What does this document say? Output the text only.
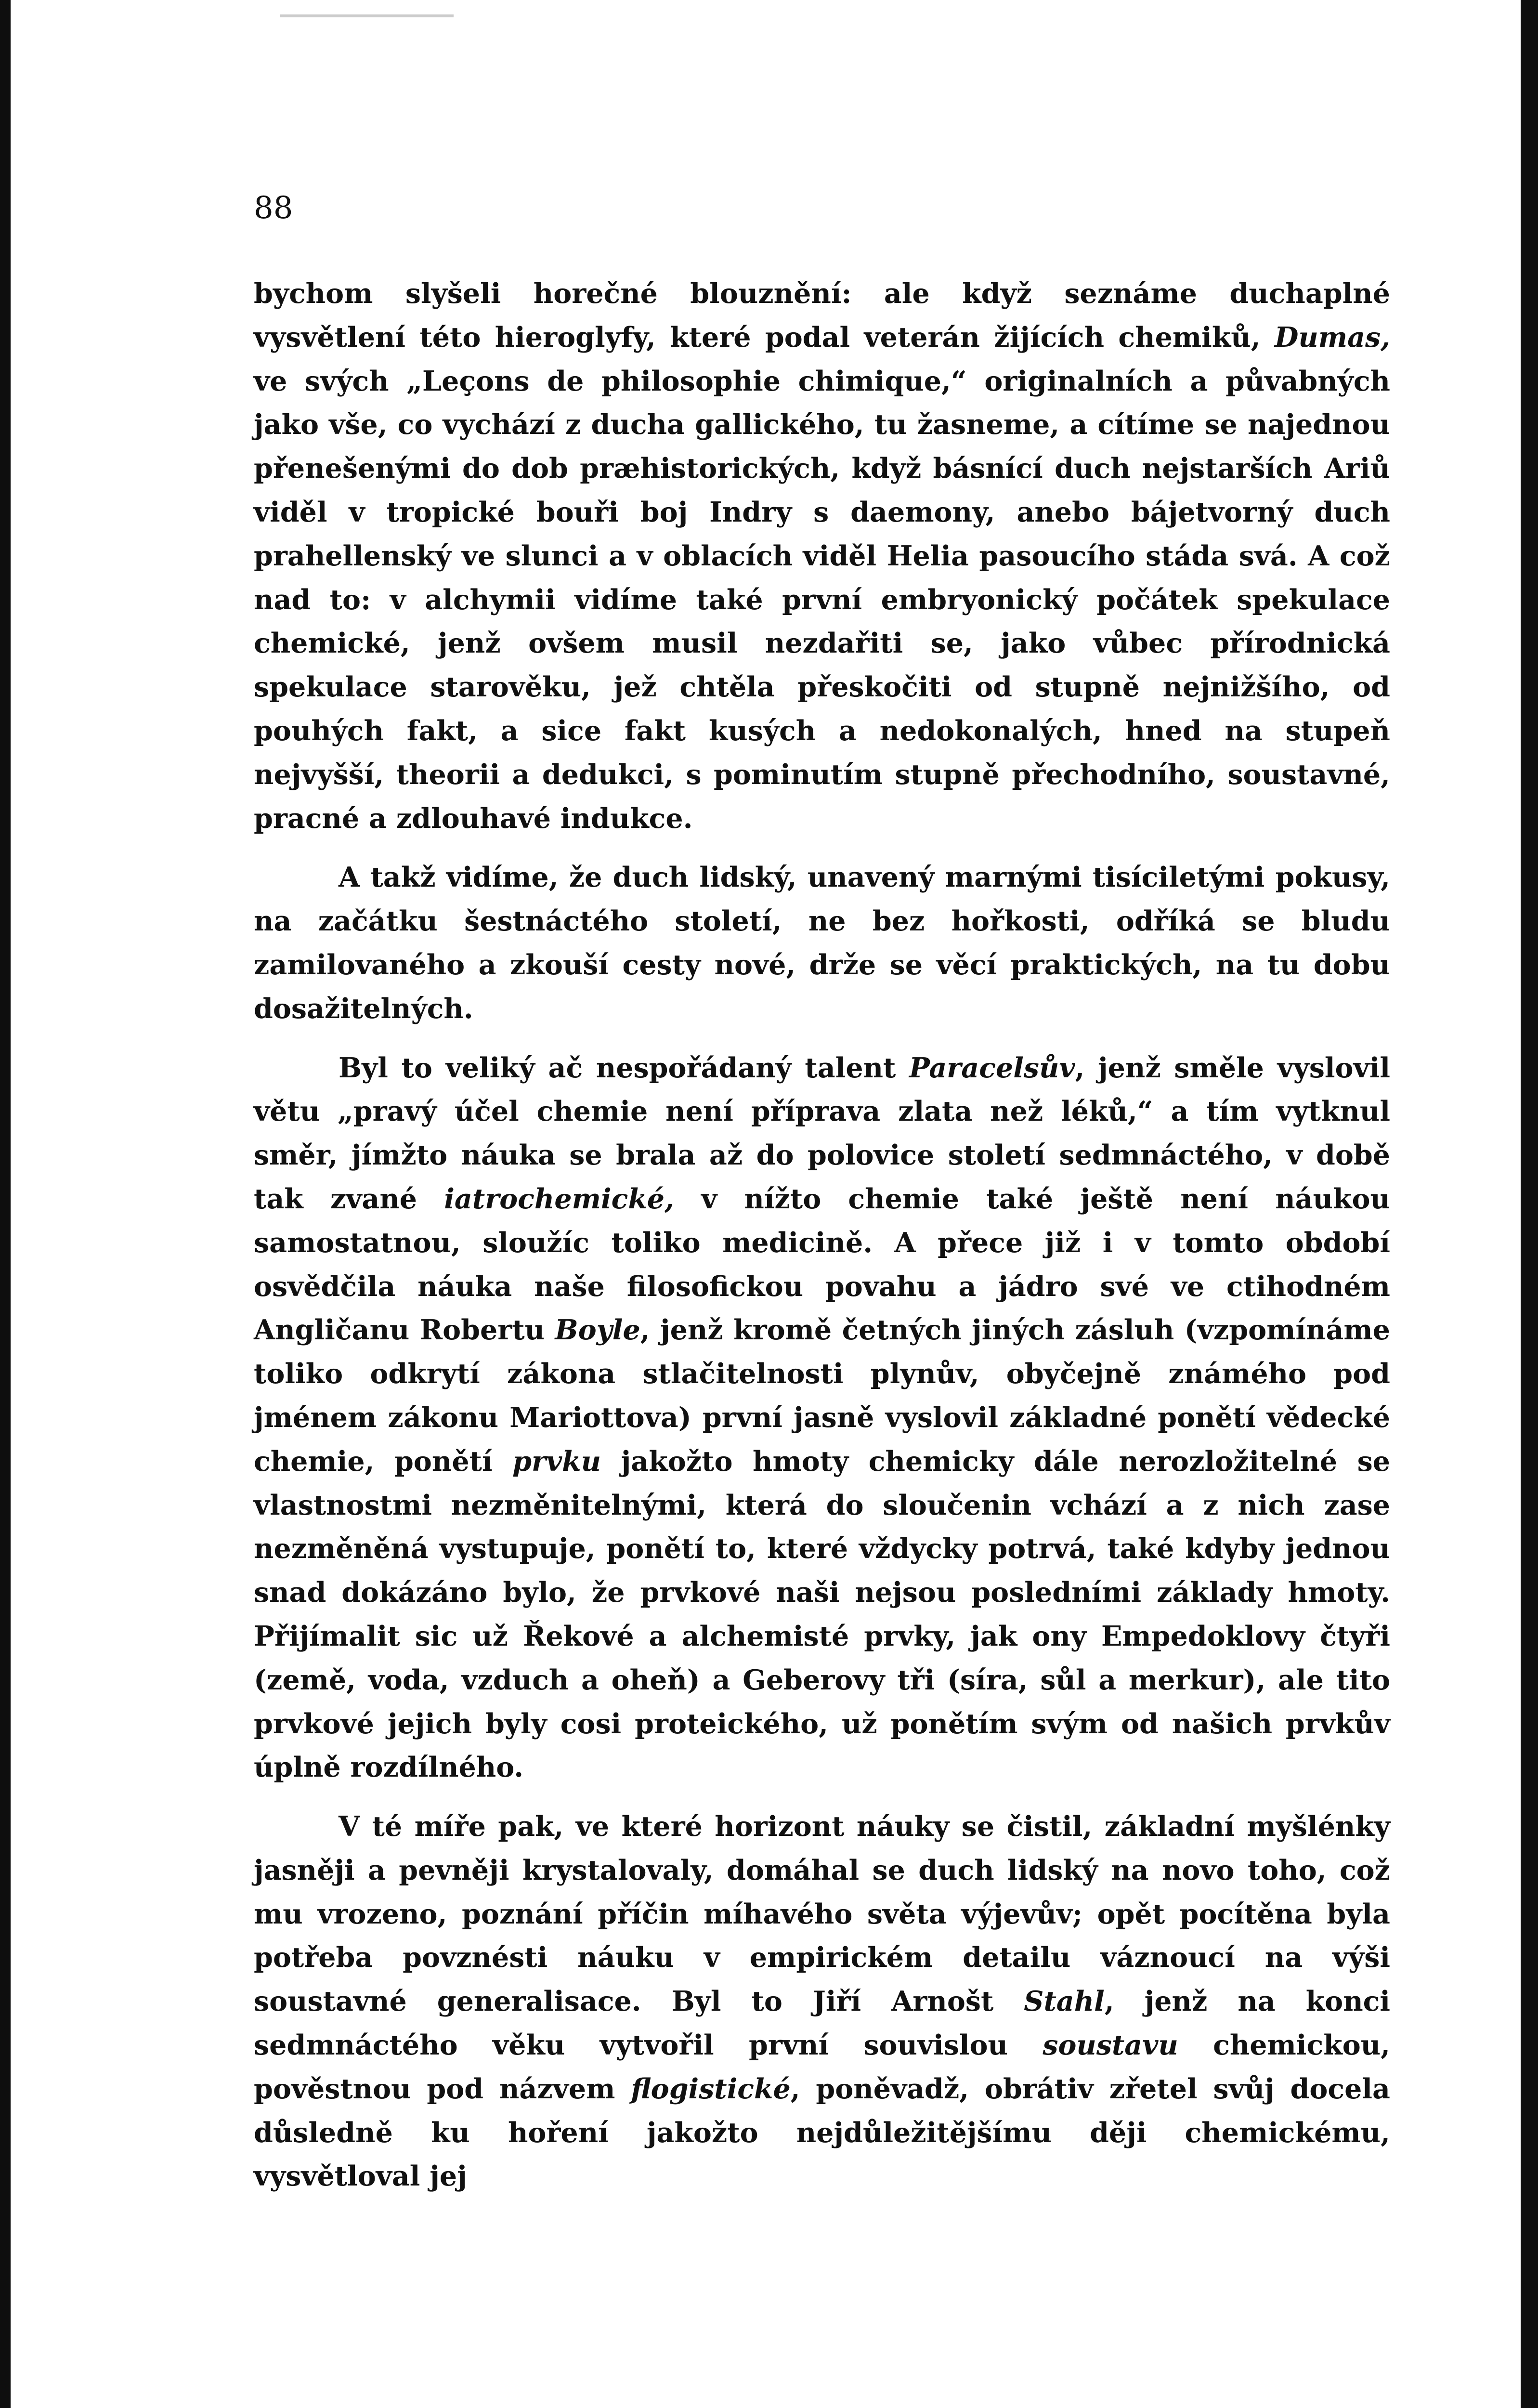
88

bychom slyšeli horečné blouznění: ale když seznáme duchaplné vysvětlení této hieroglyfy, které podal veterán žijících chemiků, Dumas, ve svých „Leçons de philosophie chimique,“ originalních a půvabných jako vše, co vychází z ducha gallického, tu žasneme, a cítíme se najednou přenešenými do dob præhistorických, když básnící duch nejstarších Ariů viděl v tropické bouři boj Indry s daemony, anebo bájetvorný duch prahellenský ve slunci a v oblacích viděl Helia pasoucího stáda svá. A což nad to: v alchymii vidíme také první embryonický počátek spekulace chemické, jenž ovšem musil nezdařiti se, jako vůbec přírodnická spekulace starověku, jež chtěla přeskočiti od stupně nejnižšího, od pouhých fakt, a sice fakt kusých a nedokonalých, hned na stupeň nejvyšší, theorii a dedukci, s pominutím stupně přechodního, soustavné, pracné a zdlouhavé indukce.

A takž vidíme, že duch lidský, unavený marnými tisíciletými pokusy, na začátku šestnáctého století, ne bez hořkosti, odříká se bludu zamilovaného a zkouší cesty nové, drže se věcí praktických, na tu dobu dosažitelných.

Byl to veliký ač nespořádaný talent Paracelsův, jenž směle vyslovil větu „pravý účel chemie není příprava zlata než léků,“ a tím vytknul směr, jímžto náuka se brala až do polovice století sedmnáctého, v době tak zvané iatrochemické, v nížto chemie také ještě není náukou samostatnou, sloužíc toliko medicině. A přece již i v tomto období osvědčila náuka naše filosofickou povahu a jádro své ve ctihodném Angličanu Robertu Boyle, jenž kromě četných jiných zásluh (vzpomínáme toliko odkrytí zákona stlačitelnosti plynův, obyčejně známého pod jménem zákonu Mariottova) první jasně vyslovil základné ponětí vědecké chemie, ponětí prvku jakožto hmoty chemicky dále nerozložitelné se vlastnostmi nezměnitelnými, která do sloučenin vchází a z nich zase nezměněná vystupuje, ponětí to, které vždycky potrvá, také kdyby jednou snad dokázáno bylo, že prvkové naši nejsou posledními základy hmoty. Přijímalit sic už Řekové a alchemisté prvky, jak ony Empedoklovy čtyři (země, voda, vzduch a oheň) a Geberovy tři (síra, sůl a merkur), ale tito prvkové jejich byly cosi proteického, už ponětím svým od našich prvkův úplně rozdílného.

V té míře pak, ve které horizont náuky se čistil, základní myšlénky jasněji a pevněji krystalovaly, domáhal se duch lidský na novo toho, což mu vrozeno, poznání příčin míhavého světa výjevův; opět pocítěna byla potřeba povznésti náuku v empirickém detailu váznoucí na výši soustavné generalisace. Byl to Jiří Arnošt Stahl, jenž na konci sedmnáctého věku vytvořil první souvislou soustavu chemickou, pověstnou pod názvem flogistické, poněvadž, obrátiv zřetel svůj docela důsledně ku hoření jakožto nejdůležitějšímu ději chemickému, vysvětloval jej
